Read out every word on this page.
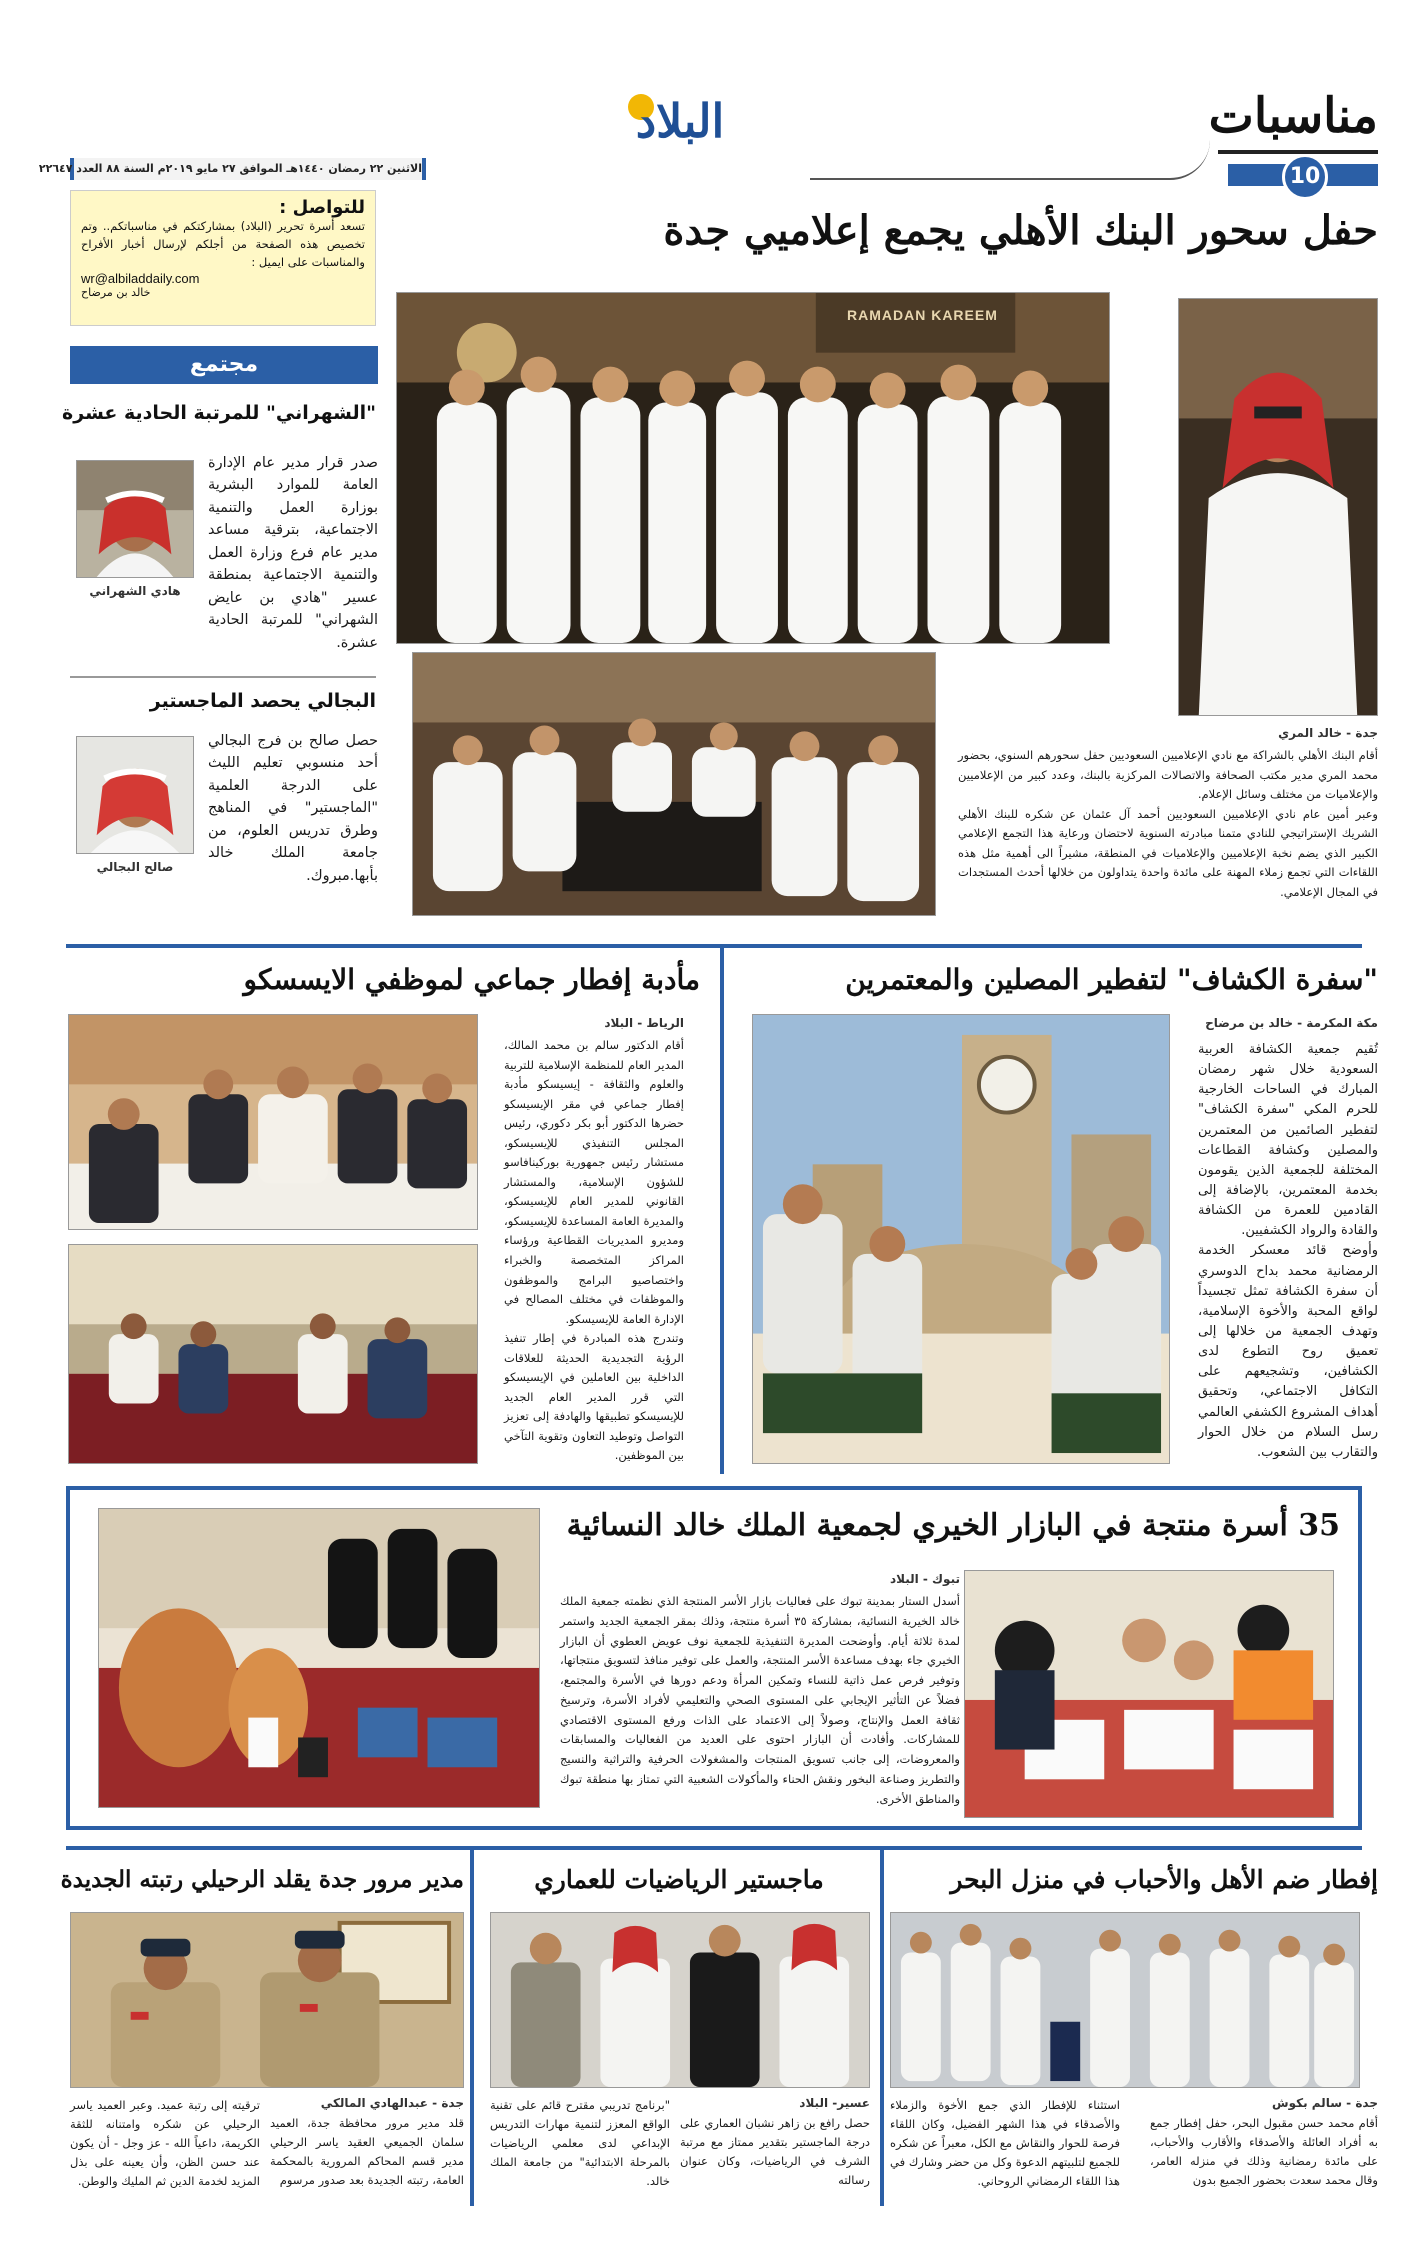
مناسبات
10
البلاد
الاثنين ٢٢ رمضان ١٤٤٠هـ الموافق ٢٧ مايو ٢٠١٩م السنة ٨٨ العدد ٢٢٦٤٧
للتواصل :
تسعد أسرة تحرير (البلاد) بمشاركتكم في مناسباتكم.. وتم تخصيص هذه الصفحة من أجلكم لإرسال أخبار الأفراح والمناسبات على ايميل :
wr@albiladdaily.com
خالد بن مرضاح
مجتمع
"الشهراني" للمرتبة الحادية عشرة
صدر قرار مدير عام الإدارة العامة للموارد البشرية بوزارة العمل والتنمية الاجتماعية، بترقية مساعد مدير عام فرع وزارة العمل والتنمية الاجتماعية بمنطقة عسير "هادي بن عايض الشهراني" للمرتبة الحادية عشرة.
هادي الشهراني
البجالي يحصد الماجستير
حصل صالح بن فرج البجالي أحد منسوبي تعليم الليث على الدرجة العلمية "الماجستير" في المناهج وطرق تدريس العلوم، من جامعة الملك خالد بأبها.مبروك.
صالح البجالي
حفل سحور البنك الأهلي يجمع إعلاميي جدة
RAMADAN KAREEM
جدة - خالد المري
أقام البنك الأهلي بالشراكة مع نادي الإعلاميين السعوديين حفل سحورهم السنوي، بحضور محمد المري مدير مكتب الصحافة والاتصالات المركزية بالبنك، وعدد كبير من الإعلاميين والإعلاميات من مختلف وسائل الإعلام.
وعبر أمين عام نادي الإعلاميين السعوديين أحمد آل عثمان عن شكره للبنك الأهلي الشريك الإستراتيجي للنادي متمنا مبادرته السنوية لاحتضان ورعاية هذا التجمع الإعلامي الكبير الذي يضم نخبة الإعلاميين والإعلاميات في المنطقة، مشيراً الى أهمية مثل هذه اللقاءات التي تجمع زملاء المهنة على مائدة واحدة يتداولون من خلالها أحدث المستجدات في المجال الإعلامي.
"سفرة الكشاف" لتفطير المصلين والمعتمرين
مكة المكرمة - خالد بن مرضاح
تُقيم جمعية الكشافة العربية السعودية خلال شهر رمضان المبارك في الساحات الخارجية للحرم المكي "سفرة الكشاف" لتفطير الصائمين من المعتمرين والمصلين وكشافة القطاعات المختلفة للجمعية الذين يقومون بخدمة المعتمرين، بالإضافة إلى القادمين للعمرة من الكشافة والقادة والرواد الكشفيين.
وأوضح قائد معسكر الخدمة الرمضانية محمد بداح الدوسري أن سفرة الكشافة تمثل تجسيداً لواقع المحبة والأخوة الإسلامية، وتهدف الجمعية من خلالها إلى تعميق روح التطوع لدى الكشافين، وتشجيعهم على التكافل الاجتماعي، وتحقيق أهداف المشروع الكشفي العالمي رسل السلام من خلال الحوار والتقارب بين الشعوب.
مأدبة إفطار جماعي لموظفي الايسسكو
الرياط - البلاد
أقام الدكتور سالم بن محمد المالك، المدير العام للمنظمة الإسلامية للتربية والعلوم والثقافة - إيسيسكو مأدبة إفطار جماعي في مقر الإيسيسكو حضرها الدكتور أبو بكر دكوري، رئيس المجلس التنفيذي للإيسيسكو، مستشار رئيس جمهورية بوركينافاسو للشؤون الإسلامية، والمستشار القانوني للمدير العام للإيسيسكو، والمديرة العامة المساعدة للإيسيسكو، ومديرو المديريات القطاعية ورؤساء المراكز المتخصصة والخبراء واختصاصيو البرامج والموظفون والموظفات في مختلف المصالح في الإدارة العامة للإيسيسكو.
وتندرج هذه المبادرة في إطار تنفيذ الرؤية التجديدية الحديثة للعلاقات الداخلية بين العاملين في الإيسيسكو التي قرر المدير العام الجديد للإيسيسكو تطبيقها والهادفة إلى تعزيز التواصل وتوطيد التعاون وتقوية التآخي بين الموظفين.
35 أسرة منتجة في البازار الخيري لجمعية الملك خالد النسائية
تبوك - البلاد
أسدل الستار بمدينة تبوك على فعاليات بازار الأسر المنتجة الذي نظمته جمعية الملك خالد الخيرية النسائية، بمشاركة ٣٥ أسرة منتجة، وذلك بمقر الجمعية الجديد واستمر لمدة ثلاثة أيام. وأوضحت المديرة التنفيذية للجمعية نوف عويض العطوي أن البازار الخيري جاء بهدف مساعدة الأسر المنتجة، والعمل على توفير منافذ لتسويق منتجاتها، وتوفير فرص عمل ذاتية للنساء وتمكين المرأة ودعم دورها في الأسرة والمجتمع، فضلاً عن التأثير الإيجابي على المستوى الصحي والتعليمي لأفراد الأسرة، وترسيخ ثقافة العمل والإنتاج، وصولاً إلى الاعتماد على الذات ورفع المستوى الاقتصادي للمشاركات. وأفادت أن البازار احتوى على العديد من الفعاليات والمسابقات والمعروضات، إلى جانب تسويق المنتجات والمشغولات الحرفية والتراثية والنسيج والتطريز وصناعة البخور ونقش الحناء والمأكولات الشعبية التي تمتاز بها منطقة تبوك والمناطق الأخرى.
إفطار ضم الأهل والأحباب في منزل البحر
جدة - سالم بكوش
أقام محمد حسن مقبول البحر، حفل إفطار جمع به أفراد العائلة والأصدقاء والأقارب والأحباب، على مائدة رمضانية وذلك في منزله العامر، وقال محمد سعدت بحضور الجميع بدون
استثناء للإفطار الذي جمع الأخوة والزملاء والأصدقاء في هذا الشهر الفضيل، وكان اللقاء فرصة للحوار والنقاش مع الكل، معبراً عن شكره للجميع لتلبيتهم الدعوة وكل من حضر وشارك في هذا اللقاء الرمضاني الروحاني.
ماجستير الرياضيات للعماري
عسير- البلاد
حصل رافع بن زاهر نشبان العماري على درجة الماجستير بتقدير ممتاز مع مرتبة الشرف في الرياضيات، وكان عنوان رسالته
"برنامج تدريبي مقترح قائم على تقنية الواقع المعزز لتنمية مهارات التدريس الإبداعي لدى معلمي الرياضيات بالمرحلة الابتدائية" من جامعة الملك خالد.
مدير مرور جدة يقلد الرحيلي رتبته الجديدة
جدة - عبدالهادي المالكي
قلد مدير مرور محافظة جدة، العميد سلمان الجميعي العقيد ياسر الرحيلي مدير قسم المحاكم المرورية بالمحكمة العامة، رتبته الجديدة بعد صدور مرسوم
ترقيته إلى رتبة عميد. وعبر العميد ياسر الرحيلي عن شكره وامتنانه للثقة الكريمة، داعياً الله - عز وجل - أن يكون عند حسن الظن، وأن يعينه على بذل المزيد لخدمة الدين ثم المليك والوطن.
